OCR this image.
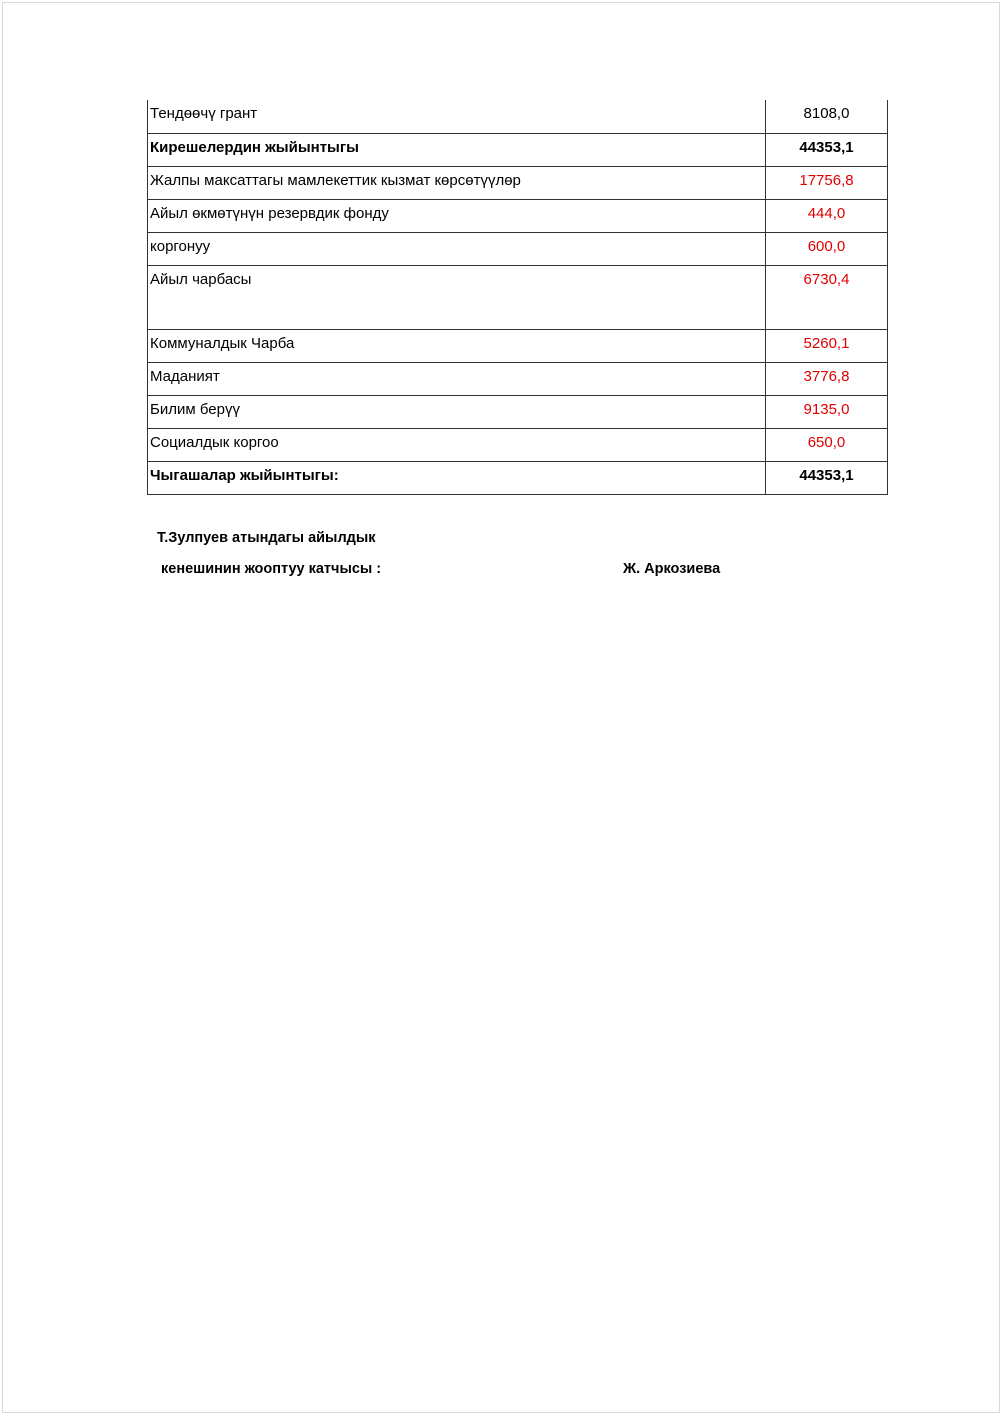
Тендөөчү грант	8108,0
Кирешелердин жыйынтыгы	44353,1
Жалпы максаттагы мамлекеттик кызмат көрсөтүүлөр	17756,8
Айыл өкмөтүнүн резервдик фонду	444,0
коргонуу	600,0
Айыл чарбасы	6730,4
Коммуналдык Чарба	5260,1
Маданият	3776,8
Билим берүү	9135,0
Социалдык коргоо	650,0
Чыгашалар жыйынтыгы:	44353,1
Т.Зулпуев атындагы айылдык
кенешинин жооптуу катчысы :	Ж. Аркозиева
